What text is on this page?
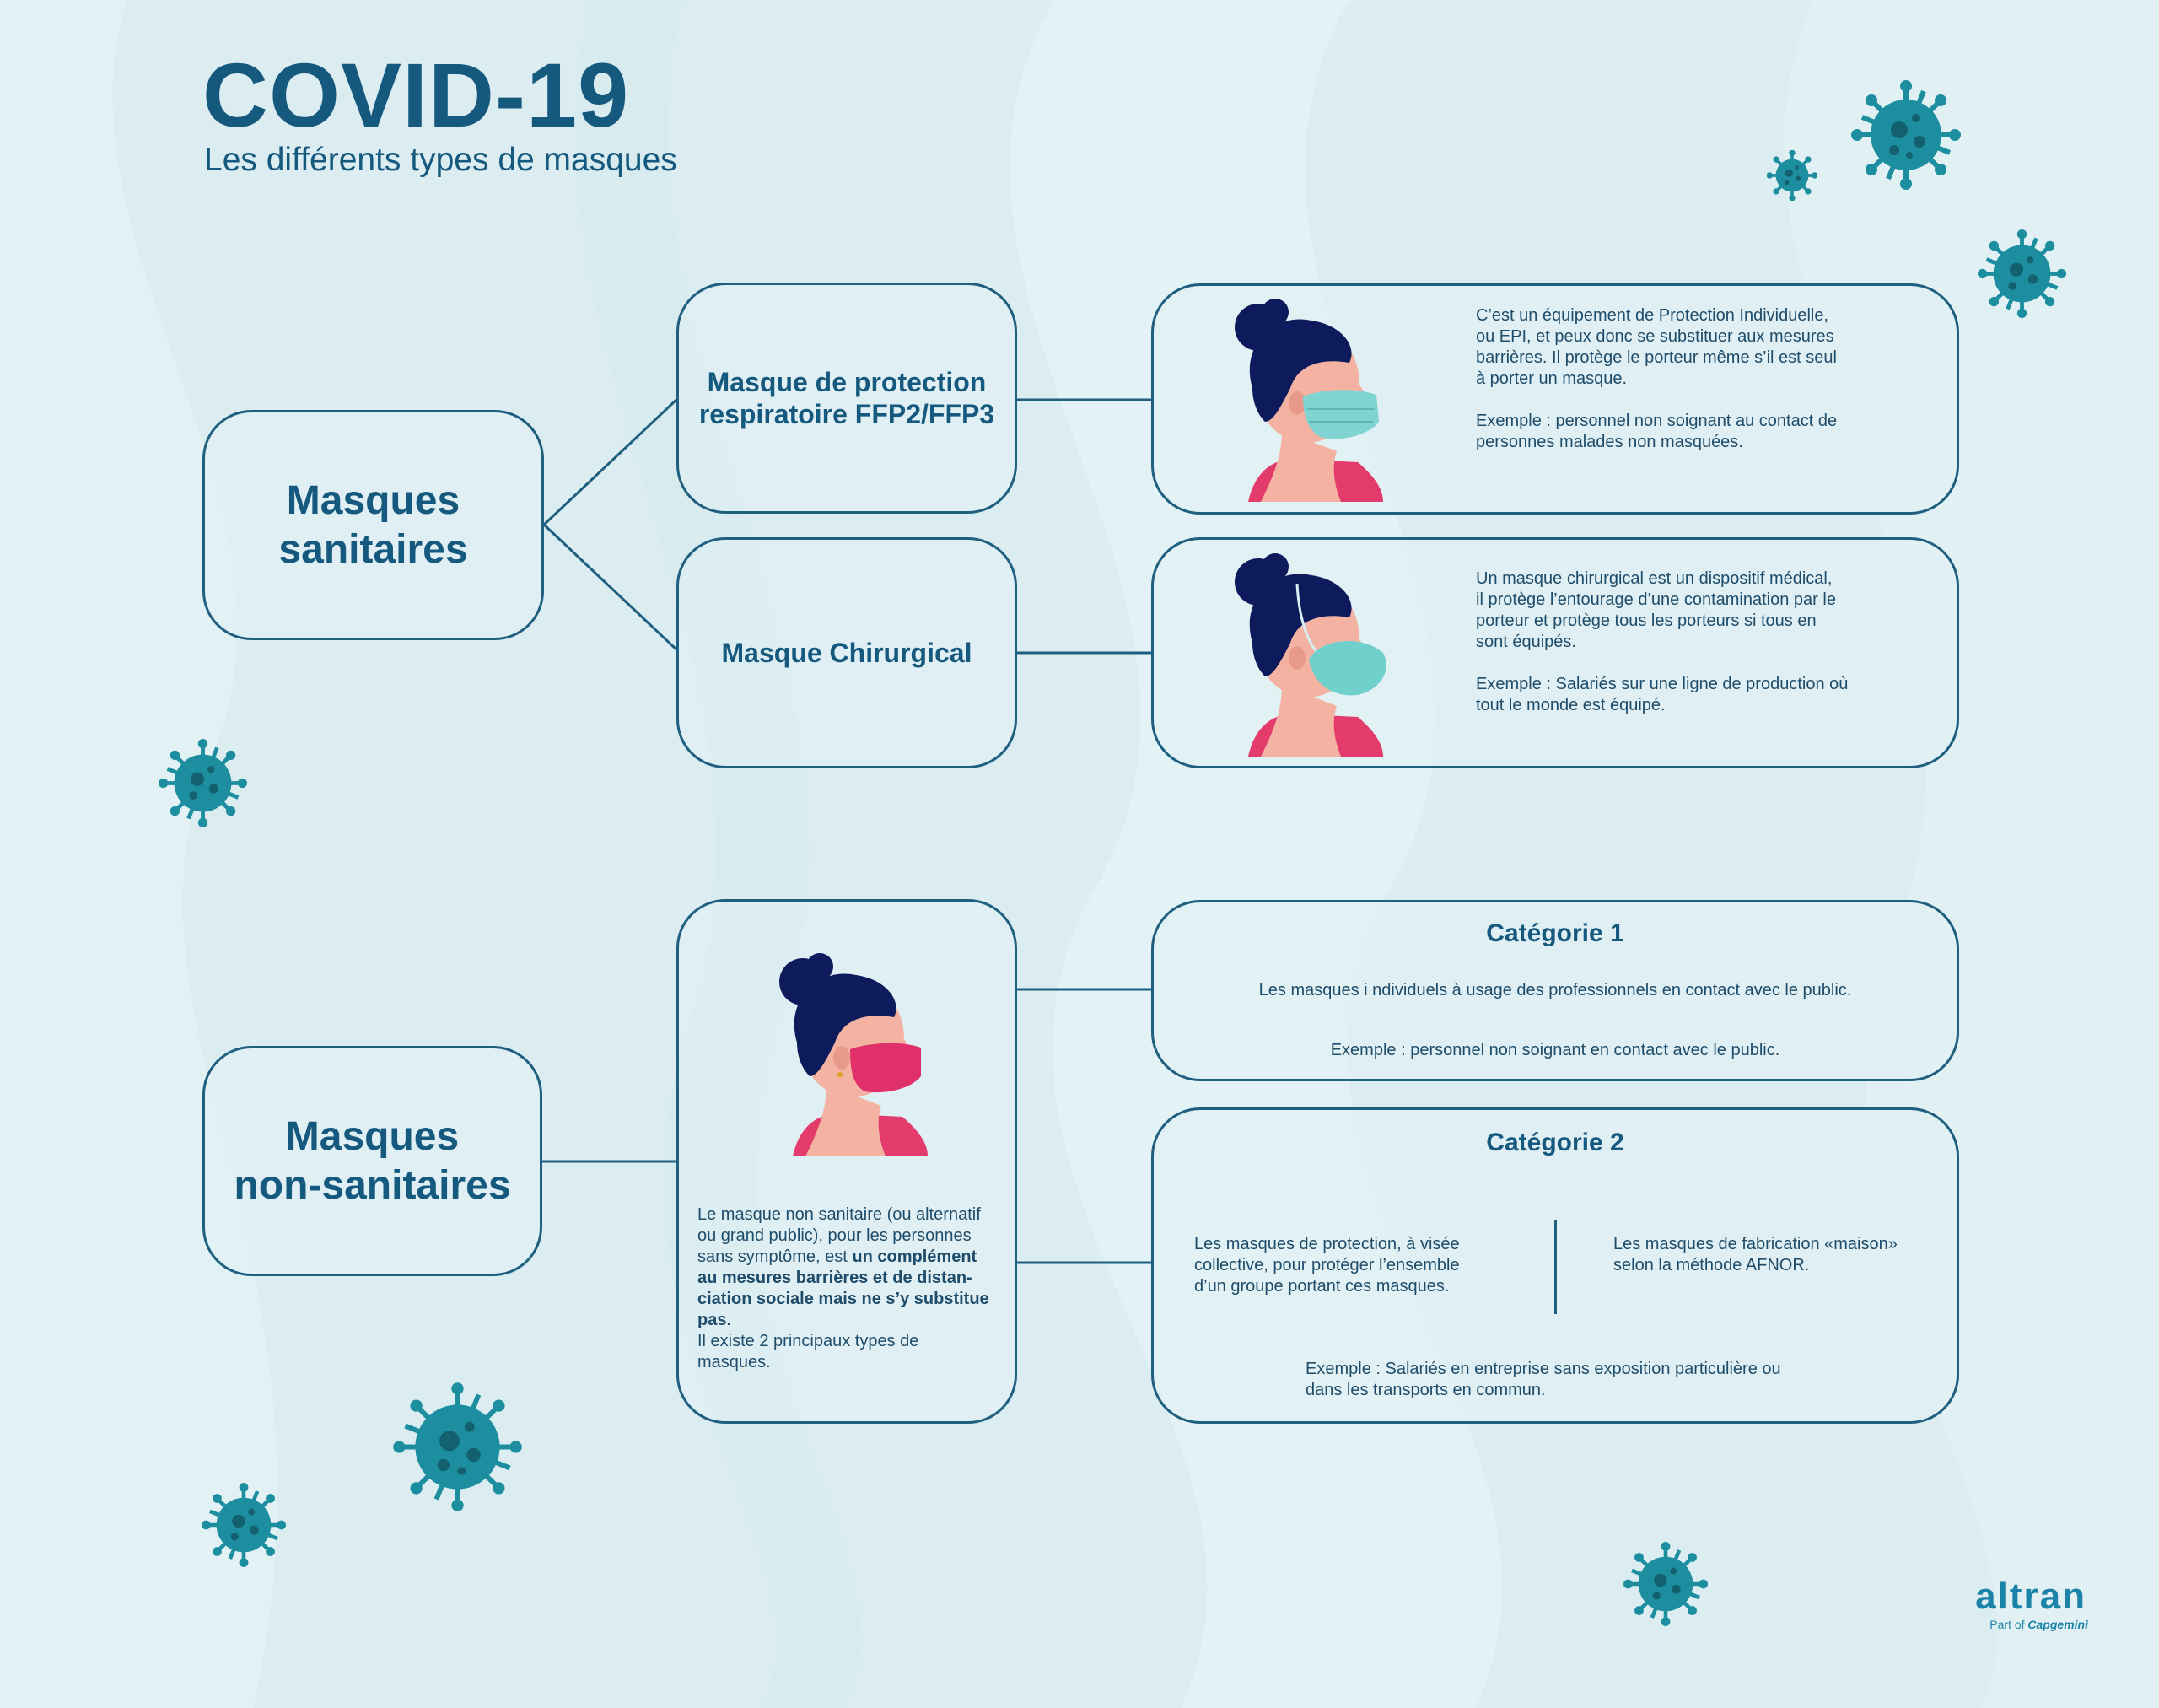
COVID-19
Les différents types de masques
Masques
sanitaires
Masque de protection
respiratoire FFP2/FFP3
Masque Chirurgical

C’est un équipement de Protection Individuelle,
ou EPI, et peux donc se substituer aux mesures
barrières. Il protège le porteur même s’il est seul
à porter un masque.

Exemple : personnel non soignant au contact de
personnes malades non masquées.

Un masque chirurgical est un dispositif médical,
il protège l’entourage d’une contamination par le
porteur et protège tous les porteurs si tous en
sont équipés.

Exemple : Salariés sur une ligne de production où
tout le monde est équipé.

Masques
non-sanitaires
Le masque non sanitaire (ou alternatif
ou grand public), pour les personnes
sans symptôme, est un complément
au mesures barrières et de distan-
ciation sociale mais ne s’y substitue
pas.
Il existe 2 principaux types de
masques.
Catégorie 1
Les masques i ndividuels à usage des professionnels en contact avec le public.
Exemple : personnel non soignant en contact avec le public.
Catégorie 2
Les masques de protection, à visée
collective, pour protéger l’ensemble
d’un groupe portant ces masques.
Les masques de fabrication «maison»
selon la méthode AFNOR.
Exemple : Salariés en entreprise sans exposition particulière ou
dans les transports en commun.
altran
Part of Capgemini
